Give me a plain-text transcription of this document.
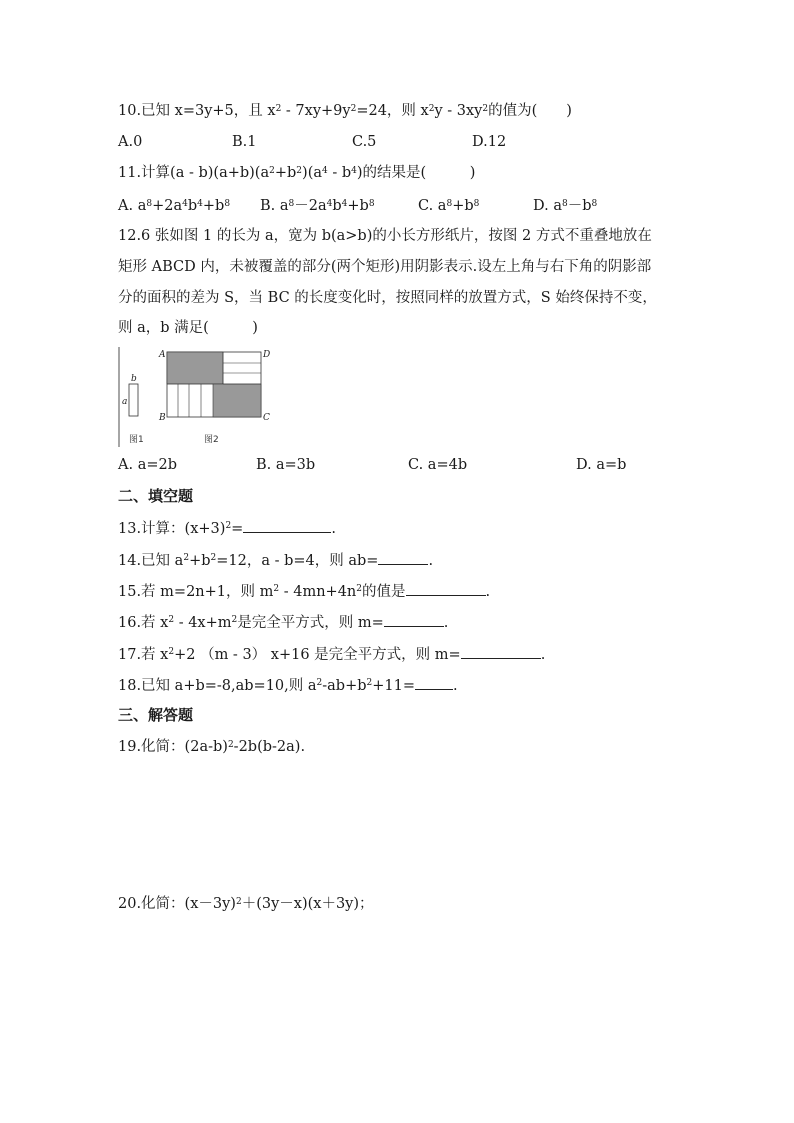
10.已知 x=3y+5，且 $x^2 - 7xy+9y^2=24$，则 $x^2y - 3xy^2$的值为(　　)
A.0	B.1	C.5	D.12
11.计算$(a - b)(a+b)(a^2+b^2)(a^4 - b^4)$的结果是(　　　)
A. $a^8+2a^4b^4+b^8$ B. $a^8-2a^4b^4+b^8$	C. $a^8+b^8$	D. $a^8-b^8$
12.6 张如图 1 的长为 a，宽为 b(a>b)的小长方形纸片，按图 2 方式不重叠地放在
矩形 ABCD 内，未被覆盖的部分(两个矩形)用阴影表示.设左上角与右下角的阴影部
分的面积的差为 S，当 BC 的长度变化时，按照同样的放置方式，S 始终保持不变，
则 a，b 满足(　　　)
a
b
图1
A
B	C
D
图2
A. a=2b	B. a=3b	C. a=4b	D. a=b
二、填空题
13.计算：$(x+3)^2=$	.
14.已知 $a^2+b^2=12$，a - b=4，则 ab=	.
15.若 m=2n+1，则 $m^2 - 4mn+4n^2$的值是	.
16.若 $x^2 - 4x+m^2$是完全平方式，则 m=	.
17.若 $x^2+2$ （m - 3） x+16 是完全平方式，则 m=	.
18.已知 a+b=-8,ab=10,则 $a^2-ab+b^2+11=$	.
三、解答题
19.化简：$(2a-b)^2-2b(b-2a)$.
20.化简：$(x-3y)^2+(3y-x)(x+3y)$；
